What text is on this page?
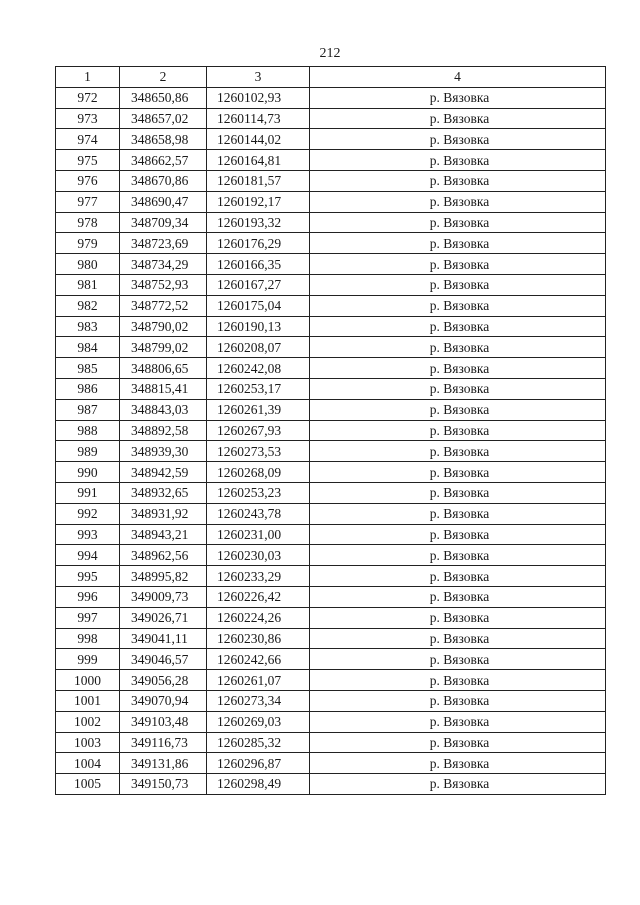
212
1	2	3	4
972	348650,86	1260102,93	р. Вязовка
973	348657,02	1260114,73	р. Вязовка
974	348658,98	1260144,02	р. Вязовка
975	348662,57	1260164,81	р. Вязовка
976	348670,86	1260181,57	р. Вязовка
977	348690,47	1260192,17	р. Вязовка
978	348709,34	1260193,32	р. Вязовка
979	348723,69	1260176,29	р. Вязовка
980	348734,29	1260166,35	р. Вязовка
981	348752,93	1260167,27	р. Вязовка
982	348772,52	1260175,04	р. Вязовка
983	348790,02	1260190,13	р. Вязовка
984	348799,02	1260208,07	р. Вязовка
985	348806,65	1260242,08	р. Вязовка
986	348815,41	1260253,17	р. Вязовка
987	348843,03	1260261,39	р. Вязовка
988	348892,58	1260267,93	р. Вязовка
989	348939,30	1260273,53	р. Вязовка
990	348942,59	1260268,09	р. Вязовка
991	348932,65	1260253,23	р. Вязовка
992	348931,92	1260243,78	р. Вязовка
993	348943,21	1260231,00	р. Вязовка
994	348962,56	1260230,03	р. Вязовка
995	348995,82	1260233,29	р. Вязовка
996	349009,73	1260226,42	р. Вязовка
997	349026,71	1260224,26	р. Вязовка
998	349041,11	1260230,86	р. Вязовка
999	349046,57	1260242,66	р. Вязовка
1000	349056,28	1260261,07	р. Вязовка
1001	349070,94	1260273,34	р. Вязовка
1002	349103,48	1260269,03	р. Вязовка
1003	349116,73	1260285,32	р. Вязовка
1004	349131,86	1260296,87	р. Вязовка
1005	349150,73	1260298,49	р. Вязовка
